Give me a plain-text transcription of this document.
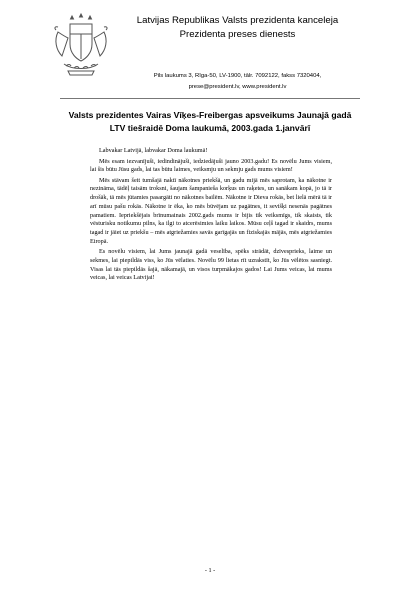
Latvijas Republikas Valsts prezidenta kanceleja
Prezidenta preses dienests
Pils laukums 3, Rīga-50, LV-1900, tālr. 7092122, fakss 7320404,
prese@president.lv, www.president.lv
Valsts prezidentes Vairas Vīķes-Freibergas apsveikums Jaunajā gadā
LTV tiešraidē Doma laukumā, 2003.gada 1.janvārī

Labvakar Latvijā, labvakar Doma laukumā!

Mēs esam iezvanījuši, iedindinājuši, iedziedājuši jauno 2003.gadu! Es novēlu Jums visiem, lai šis būtu Jūsu gads, lai tas būtu laimes, veiksmju un sekmju gads mums visiem!

Mēs stāvam šeit tumšajā naktī nākotnes priekšā, un gadu mijā mēs saprotam, ka nākotne ir nezināma, tādēļ taisām troksni, šaujam šampanieša korķus un raķetes, un sanākam kopā, jo tā ir drošāk, tā mēs jūtamies pasargāti no nākotnes bailēm. Nākotne ir Dieva rokās, bet lielā mērā tā ir arī mūsu pašu rokās. Nākotne ir ēka, ko mēs būvējam uz pagātnes, it sevišķi nesenās pagātnes pamatiem. Iepriekšējais brīnumainais 2002.gads mums ir bijis tik veiksmīgs, tik skaists, tik vēsturisku notikumu pilns, ka ilgi to atcerēsimies laiku laikos. Mūsu ceļš tagad ir skaidrs, mums tagad ir jāiet uz priekšu – mēs atgriežamies savās garīgajās un fiziskajās mājās, mēs atgriežamies Eiropā.

Es novēlu visiem, lai Jums jaunajā gadā veselība, spēks strādāt, dzīvesprieks, laime un sekmes, lai piepildās viss, ko Jūs vēlaties. Novēlu 99 lietas rīt uzrakstīt, ko Jūs vēlētos sasniegt. Visas lai tās piepildās šajā, nākamajā, un visos turpmākajos gados! Lai Jums veicas, lai mums veicas, lai veicas Latvijai!

- 1 -
